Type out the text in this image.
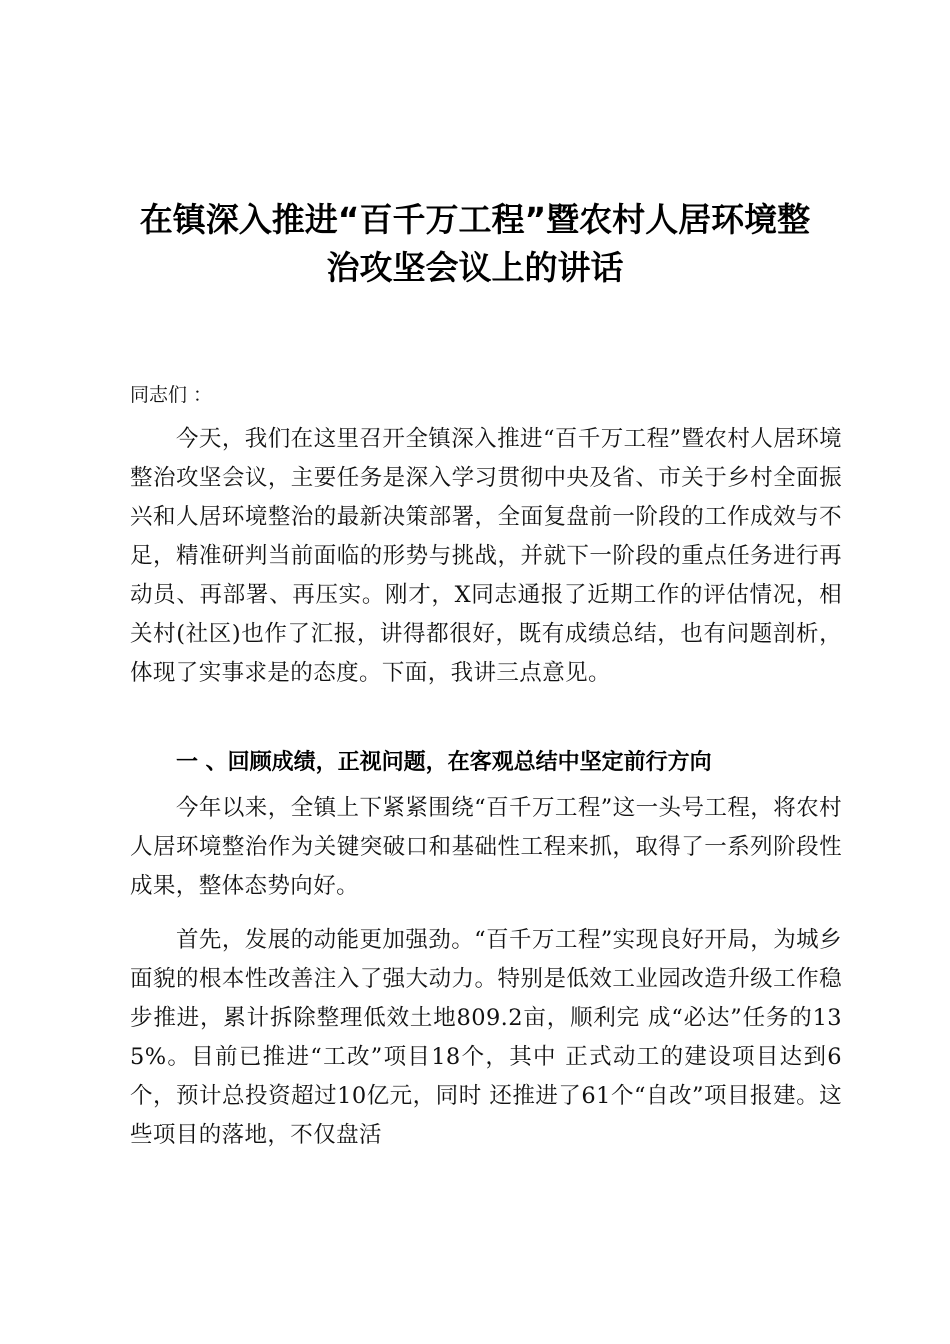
在镇深入推进“百千万工程”暨农村人居环境整
治攻坚会议上的讲话
同志们 ：

今天，我们在这里召开全镇深入推进“百千万工程”暨农村人居环境整治攻坚会议，主要任务是深入学习贯彻中央及省、市关于乡村全面振兴和人居环境整治的最新决策部署，全面复盘前一阶段的工作成效与不足，精准研判当前面临的形势与挑战，并就下一阶段的重点任务进行再动员、再部署、再压实。刚才，X同志通报了近期工作的评估情况，相关村(社区)也作了汇报，讲得都很好，既有成绩总结，也有问题剖析，体现了实事求是的态度。下面，我讲三点意见。

一 、回顾成绩，正视问题，在客观总结中坚定前行方向

今年以来，全镇上下紧紧围绕“百千万工程”这一头号工程，将农村人居环境整治作为关键突破口和基础性工程来抓，取得了一系列阶段性成果，整体态势向好。

首先，发展的动能更加强劲。“百千万工程”实现良好开局，为城乡面貌的根本性改善注入了强大动力。特别是低效工业园改造升级工作稳步推进，累计拆除整理低效土地809.2亩，顺利完 成“必达”任务的135%。目前已推进“工改”项目18个，其中 正式动工的建设项目达到6个，预计总投资超过10亿元，同时 还推进了61个“自改”项目报建。这些项目的落地，不仅盘活
